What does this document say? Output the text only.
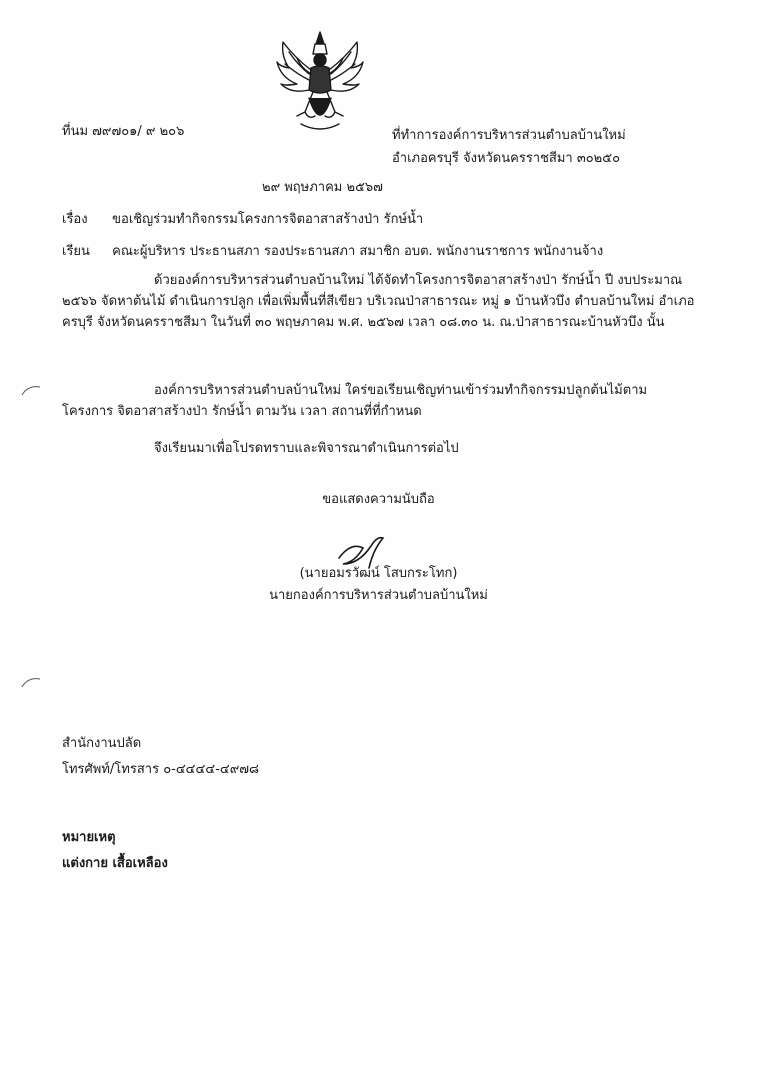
ที่นม ๗๙๗๐๑/ ๙ ๒๐๖	ที่ทำการองค์การบริหารส่วนตำบลบ้านใหม่
อำเภอครบุรี จังหวัดนครราชสีมา ๓๐๒๕๐
๒๙ พฤษภาคม ๒๕๖๗
เรื่อง ขอเชิญร่วมทำกิจกรรมโครงการจิตอาสาสร้างป่า รักษ์น้ำ
เรียน คณะผู้บริหาร ประธานสภา รองประธานสภา สมาชิก อบต. พนักงานราชการ พนักงานจ้าง
ด้วยองค์การบริหารส่วนตำบลบ้านใหม่ ได้จัดทำโครงการจิตอาสาสร้างป่า รักษ์น้ำ ปี งบประมาณ ๒๕๖๖ จัดหาต้นไม้ ดำเนินการปลูก เพื่อเพิ่มพื้นที่สีเขียว บริเวณป่าสาธารณะ หมู่ ๑ บ้านหัวบึง ตำบลบ้านใหม่ อำเภอครบุรี จังหวัดนครราชสีมา ในวันที่ ๓๐ พฤษภาคม พ.ศ. ๒๕๖๗ เวลา ๐๘.๓๐ น. ณ.ป่าสาธารณะบ้านหัวบึง นั้น
องค์การบริหารส่วนตำบลบ้านใหม่ ใคร่ขอเรียนเชิญท่านเข้าร่วมทำกิจกรรมปลูกต้นไม้ตามโครงการ จิตอาสาสร้างป่า รักษ์น้ำ ตามวัน เวลา สถานที่ที่กำหนด
จึงเรียนมาเพื่อโปรดทราบและพิจารณาดำเนินการต่อไป
ขอแสดงความนับถือ
(นายอมรวัฒน์ โสบกระโทก)
นายกองค์การบริหารส่วนตำบลบ้านใหม่
สำนักงานปลัด
โทรศัพท์/โทรสาร ๐-๔๔๔๔-๔๙๗๘
หมายเหตุ
แต่งกาย เสื้อเหลือง
